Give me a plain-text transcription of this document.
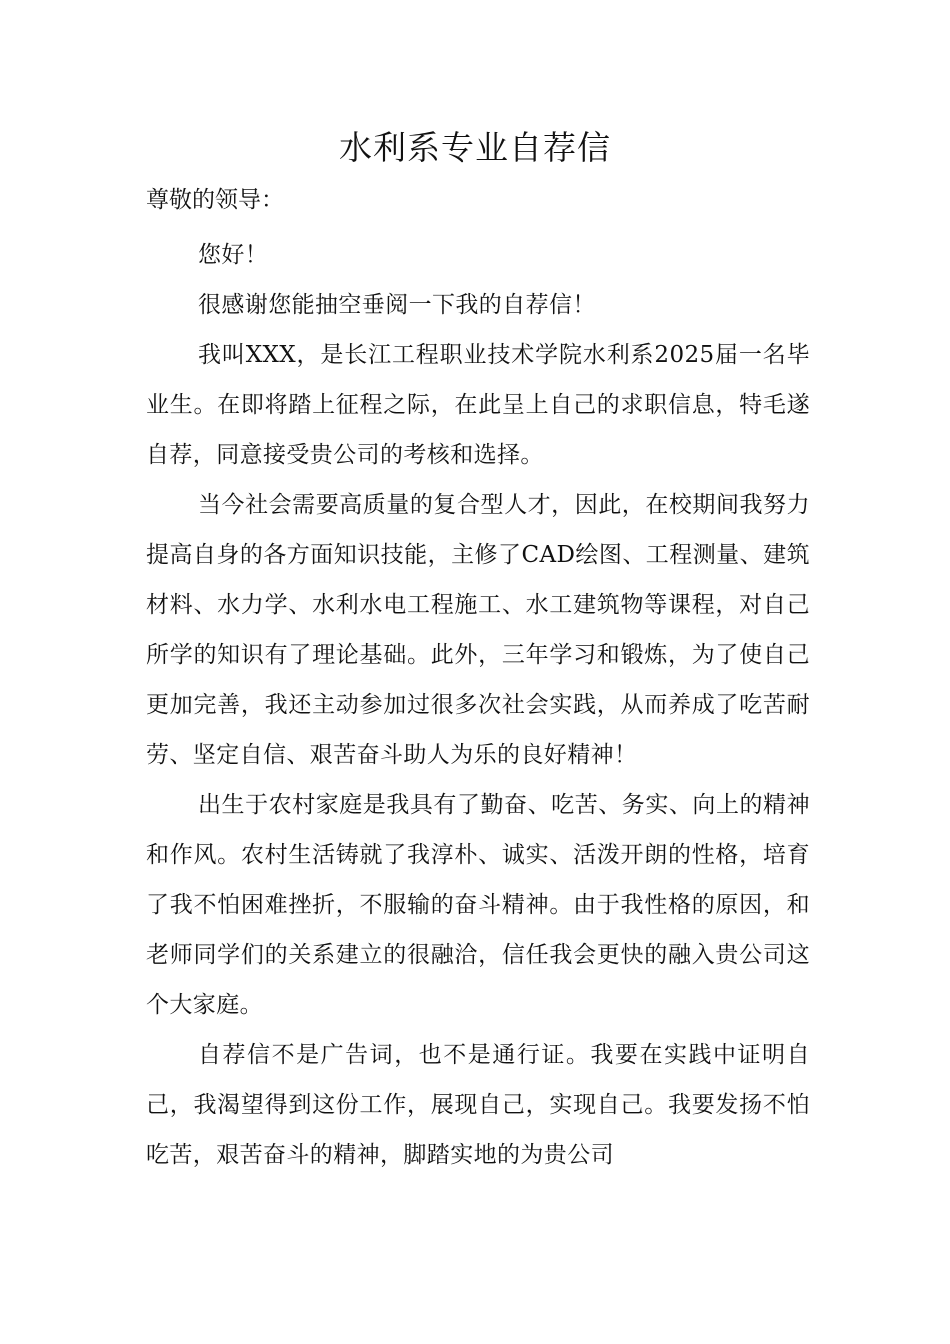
水利系专业自荐信
尊敬的领导：

您好！

很感谢您能抽空垂阅一下我的自荐信！

我叫XXX，是长江工程职业技术学院水利系2025届一名毕业生。在即将踏上征程之际，在此呈上自己的求职信息，特毛遂自荐，同意接受贵公司的考核和选择。

当今社会需要高质量的复合型人才，因此，在校期间我努力提高自身的各方面知识技能，主修了CAD绘图、工程测量、建筑材料、水力学、水利水电工程施工、水工建筑物等课程，对自己所学的知识有了理论基础。此外，三年学习和锻炼，为了使自己更加完善，我还主动参加过很多次社会实践，从而养成了吃苦耐劳、坚定自信、艰苦奋斗助人为乐的良好精神！

出生于农村家庭是我具有了勤奋、吃苦、务实、向上的精神和作风。农村生活铸就了我淳朴、诚实、活泼开朗的性格，培育了我不怕困难挫折，不服输的奋斗精神。由于我性格的原因，和老师同学们的关系建立的很融洽，信任我会更快的融入贵公司这个大家庭。

自荐信不是广告词，也不是通行证。我要在实践中证明自己，我渴望得到这份工作，展现自己，实现自己。我要发扬不怕吃苦，艰苦奋斗的精神，脚踏实地的为贵公司
